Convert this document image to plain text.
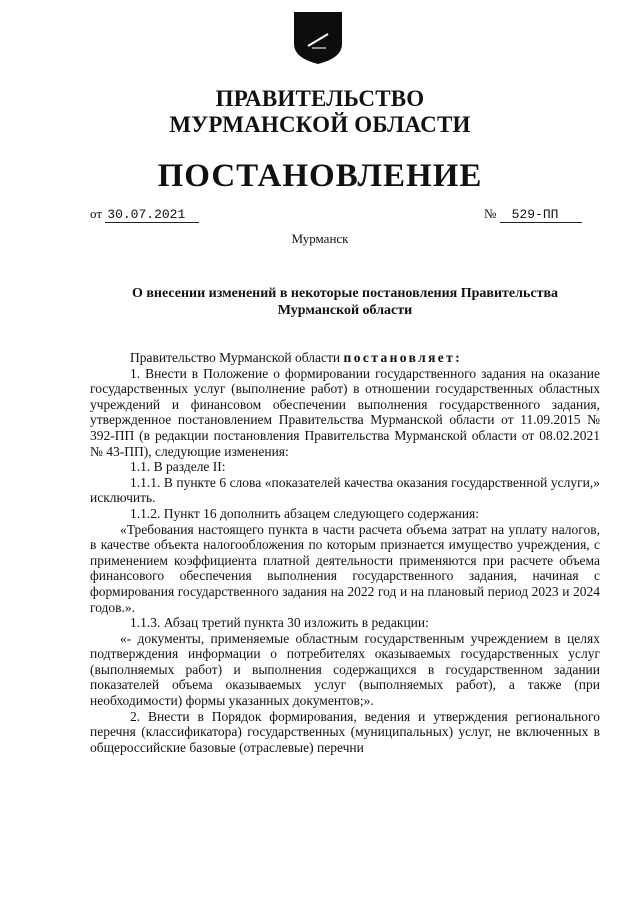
ПРАВИТЕЛЬСТВО
МУРМАНСКОЙ ОБЛАСТИ
ПОСТАНОВЛЕНИЕ
от 30.07.2021	№ 529-ПП
Мурманск
О внесении изменений в некоторые постановления Правительства
Мурманской области

Правительство Мурманской области постановляет:

1. Внести в Положение о формировании государственного задания на оказание государственных услуг (выполнение работ) в отношении государственных областных учреждений и финансовом обеспечении выполнения государственного задания, утвержденное постановлением Правительства Мурманской области от 11.09.2015 № 392-ПП (в редакции постановления Правительства Мурманской области от 08.02.2021 № 43-ПП), следующие изменения:

1.1. В разделе II:

1.1.1. В пункте 6 слова «показателей качества оказания государственной услуги,» исключить.

1.1.2. Пункт 16 дополнить абзацем следующего содержания:

«Требования настоящего пункта в части расчета объема затрат на уплату налогов, в качестве объекта налогообложения по которым признается имущество учреждения, с применением коэффициента платной деятельности применяются при расчете объема финансового обеспечения выполнения государственного задания, начиная с формирования государственного задания на 2022 год и на плановый период 2023 и 2024 годов.».

1.1.3. Абзац третий пункта 30 изложить в редакции:

«- документы, применяемые областным государственным учреждением в целях подтверждения информации о потребителях оказываемых государственных услуг (выполняемых работ) и выполнения содержащихся в государственном задании показателей объема оказываемых услуг (выполняемых работ), а также (при необходимости) формы указанных документов;».

2. Внести в Порядок формирования, ведения и утверждения регионального перечня (классификатора) государственных (муниципальных) услуг, не включенных в общероссийские базовые (отраслевые) перечни
